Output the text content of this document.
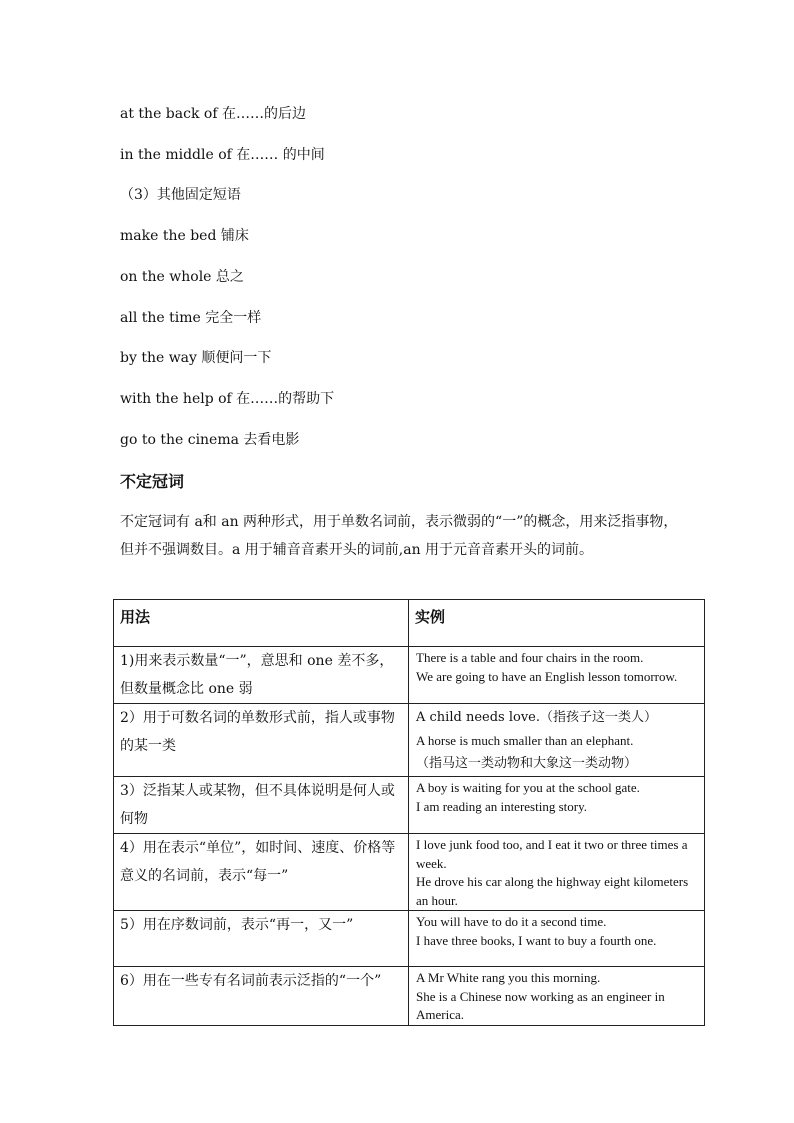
at the back of 在……的后边
in the middle of 在…… 的中间
（3）其他固定短语
make the bed 铺床
on the whole 总之
all the time 完全一样
by the way 顺便问一下
with the help of 在……的帮助下
go to the cinema 去看电影
不定冠词
不定冠词有 a和 an 两种形式，用于单数名词前，表示微弱的“一”的概念，用来泛指事物，但并不强调数目。a 用于辅音音素开头的词前,an 用于元音音素开头的词前。
用法	实例
1)用来表示数量“一”，意思和 one 差不多，但数量概念比 one 弱	There is a table and four chairs in the room.
We are going to have an English lesson tomorrow.

2）用于可数名词的单数形式前，指人或事物的某一类	A child needs love.（指孩子这一类人）
A horse is much smaller than an elephant.
（指马这一类动物和大象这一类动物）

3）泛指某人或某物，但不具体说明是何人或何物	A boy is waiting for you at the school gate.
I am reading an interesting story.

4）用在表示“单位”，如时间、速度、价格等意义的名词前，表示“每一”	I love junk food too, and I eat it two or three times a week.
He drove his car along the highway eight kilometers an hour.

5）用在序数词前，表示“再一，又一”	You will have to do it a second time.
I have three books, I want to buy a fourth one.

6）用在一些专有名词前表示泛指的“一个”	A Mr White rang you this morning.
She is a Chinese now working as an engineer in America.
